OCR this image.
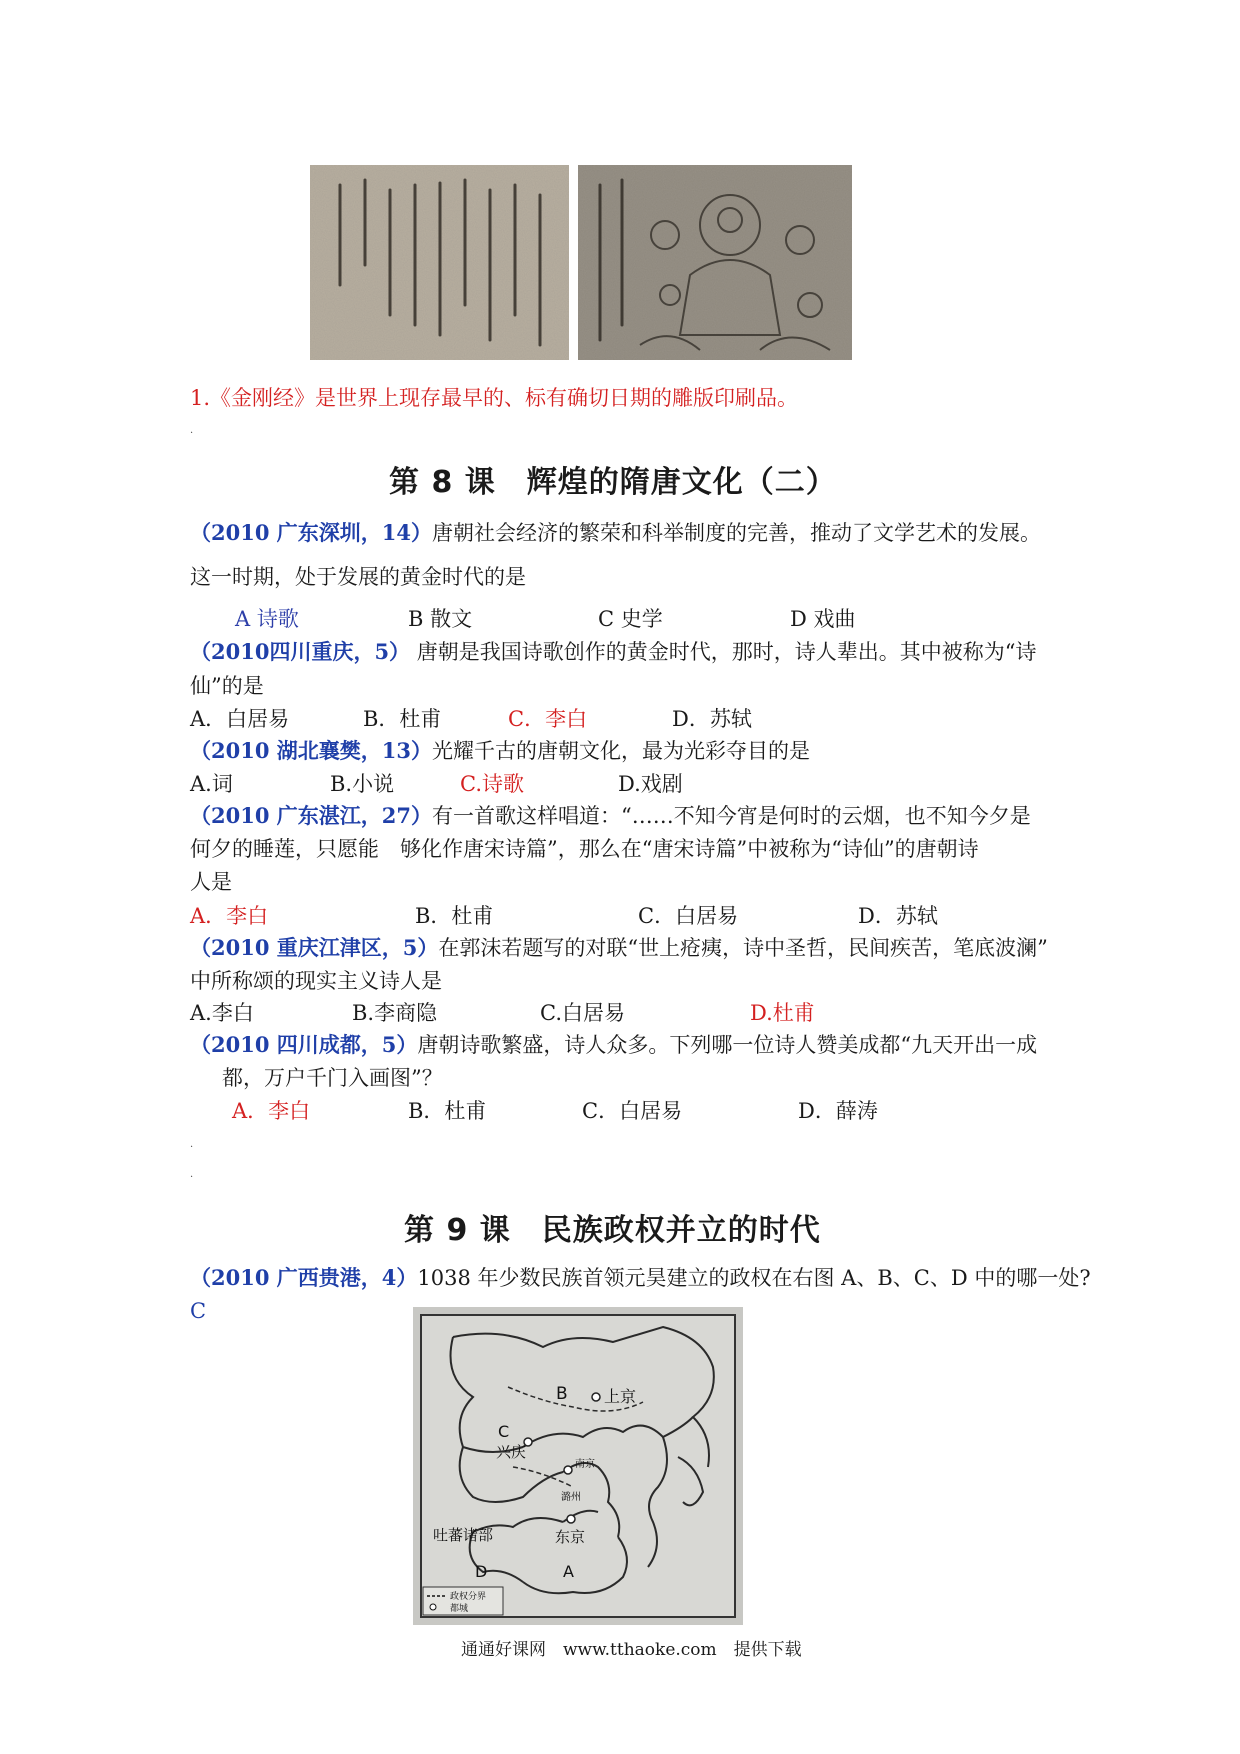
1.《金刚经》是世界上现存最早的、标有确切日期的雕版印刷品。
·
第 8 课　辉煌的隋唐文化（二）
（2010 广东深圳，14）唐朝社会经济的繁荣和科举制度的完善，推动了文学艺术的发展。
这一时期，处于发展的黄金时代的是
A 诗歌	B 散文	C 史学	D 戏曲
（2010四川重庆，5） 唐朝是我国诗歌创作的黄金时代，那时，诗人辈出。其中被称为“诗
仙”的是
A．白居易	B．杜甫	C．李白	D．苏轼
（2010 湖北襄樊，13）光耀千古的唐朝文化，最为光彩夺目的是
A.词	B.小说	C.诗歌	D.戏剧
（2010 广东湛江，27）有一首歌这样唱道：“……不知今宵是何时的云烟，也不知今夕是
何夕的睡莲，只愿能　够化作唐宋诗篇”，那么在“唐宋诗篇”中被称为“诗仙”的唐朝诗
人是
A．李白	B．杜甫	C．白居易	D．苏轼
（2010 重庆江津区，5）在郭沫若题写的对联“世上疮痍，诗中圣哲，民间疾苦，笔底波澜”
中所称颂的现实主义诗人是
A.李白	B.李商隐	C.白居易	D.杜甫
（2010 四川成都，5）唐朝诗歌繁盛，诗人众多。下列哪一位诗人赞美成都“九天开出一成
都，万户千门入画图”？
A．李白	B．杜甫	C．白居易	D．薛涛
·
·
第 9 课　民族政权并立的时代
（2010 广西贵港，4）1038 年少数民族首领元昊建立的政权在右图 A、B、C、D 中的哪一处?
C
B 上京
C
兴庆
南京
潞州
东京
吐蕃诸部
D	A
政权分界
都城
通通好课网　www.tthaoke.com　提供下载
